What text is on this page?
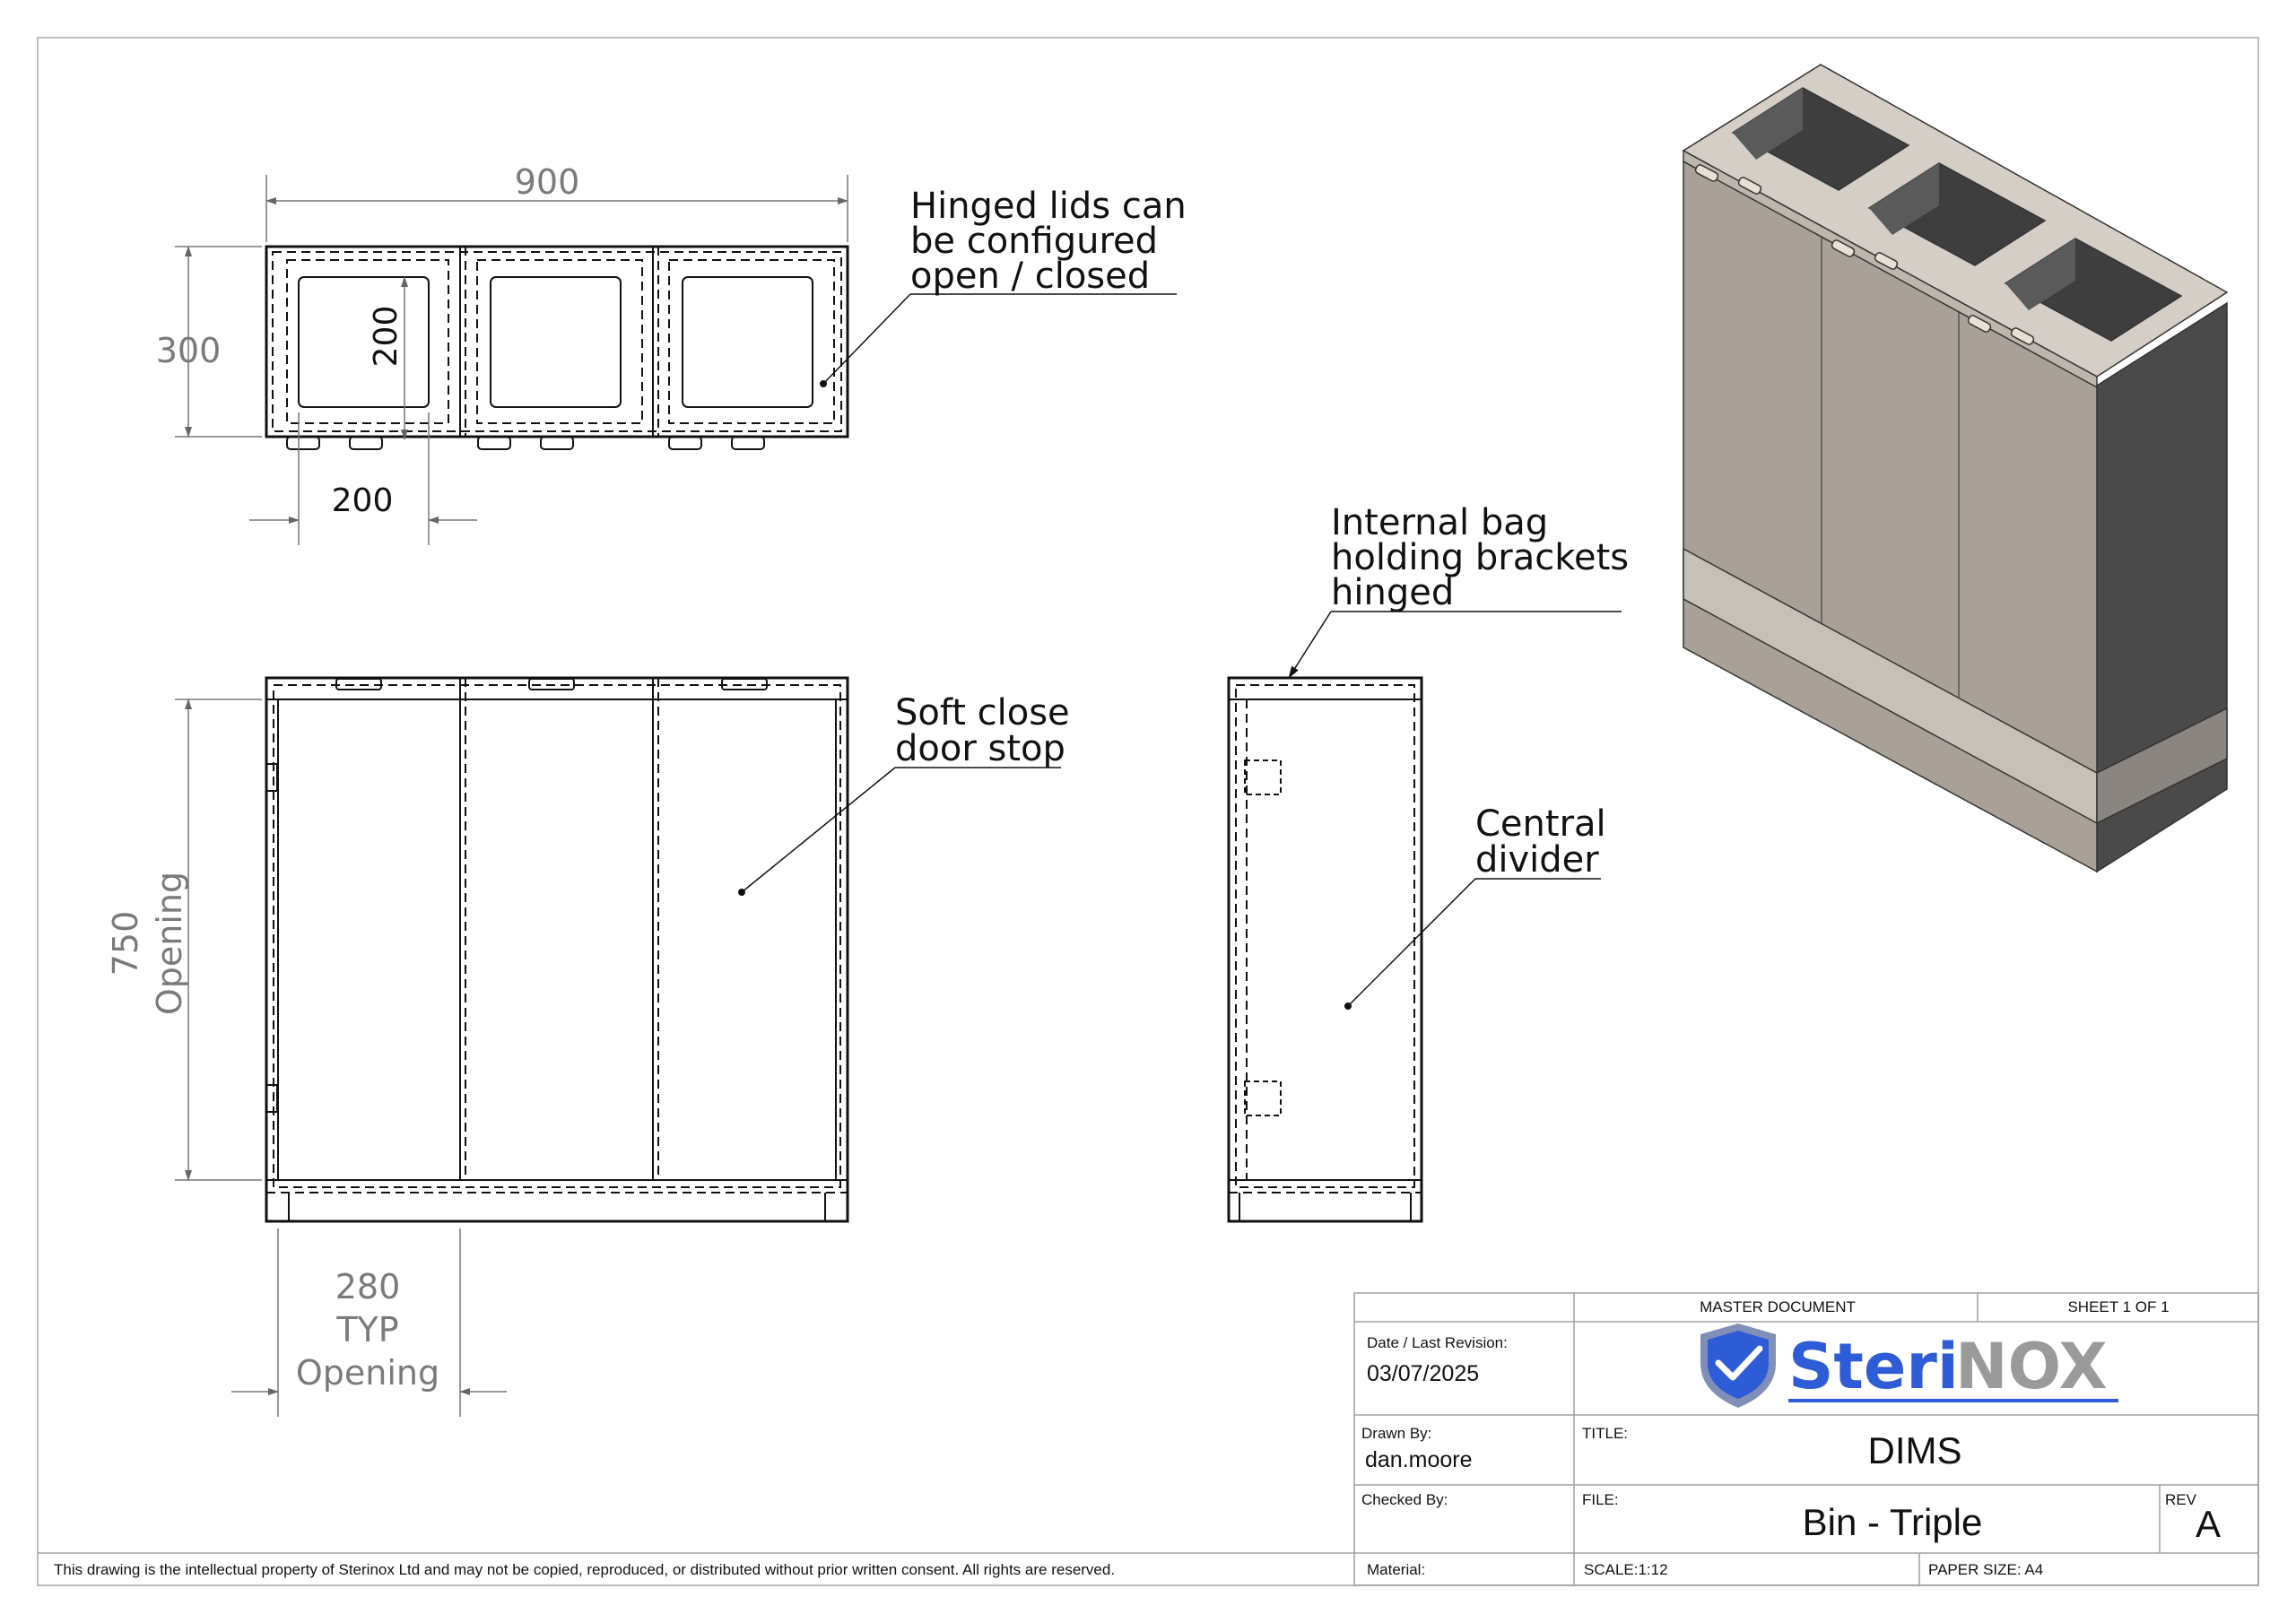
900
300	200
200
Hinged lids can
be configured
open / closed
750 Opening
280
TYP
Opening
Soft close
door stop
Internal bag
holding brackets
hinged
Central
divider
MASTER DOCUMENT	SHEET 1 OF 1
Date / Last Revision:
03/07/2025	Steri
NOX
Drawn By:
dan.moore
TITLE:	DIMS
Checked By:	FILE:
Bin - Triple
REV
A
Material:	SCALE:1:12	PAPER SIZE: A4
This drawing is the intellectual property of Sterinox Ltd and may not be copied, reproduced, or distributed without prior written consent. All rights are reserved.
